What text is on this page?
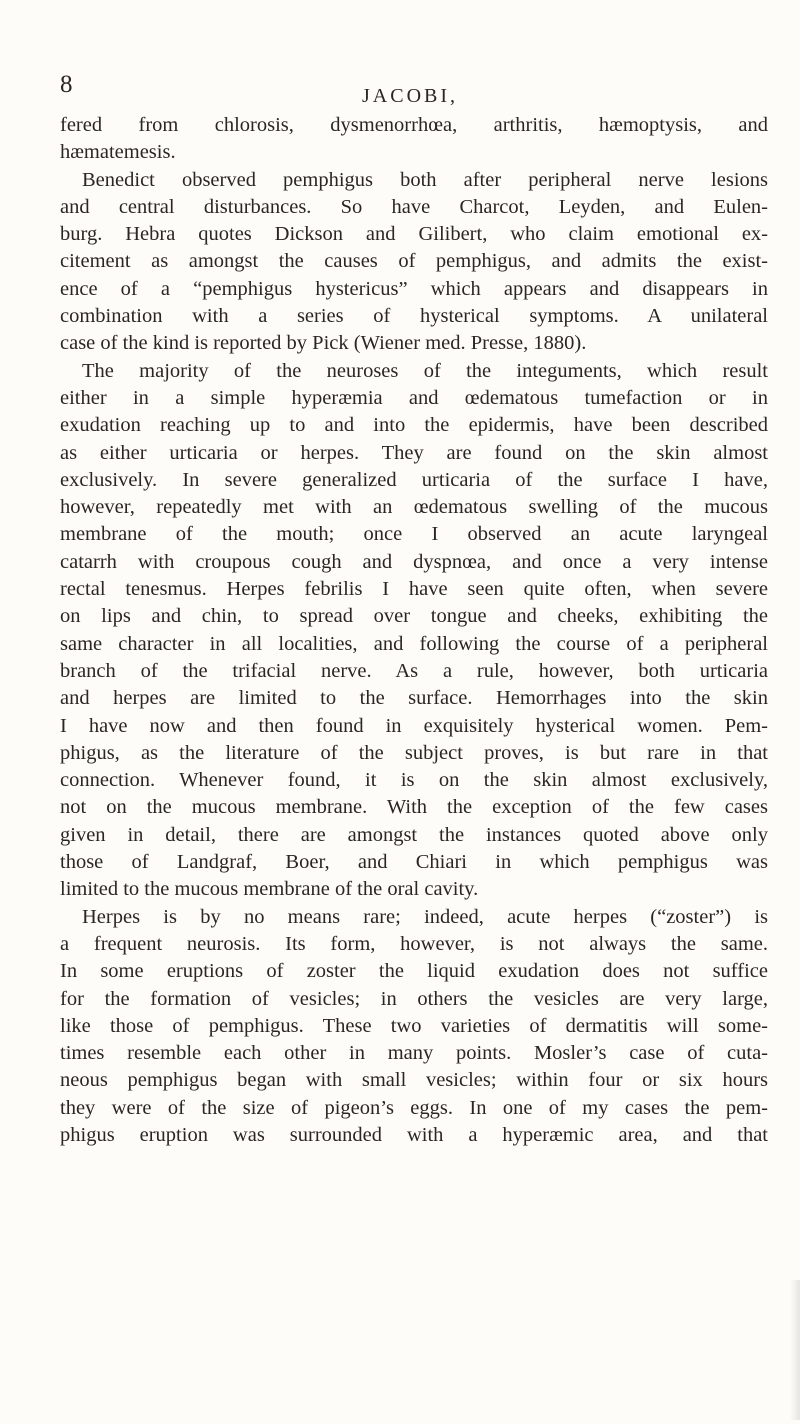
8	JACOBI,
fered from chlorosis, dysmenorrhœa, arthritis, hæmoptysis, and
hæmatemesis.
Benedict observed pemphigus both after peripheral nerve lesions
and central disturbances. So have Charcot, Leyden, and Eulen-
burg. Hebra quotes Dickson and Gilibert, who claim emotional ex-
citement as amongst the causes of pemphigus, and admits the exist-
ence of a “pemphigus hystericus” which appears and disappears in
combination with a series of hysterical symptoms. A unilateral
case of the kind is reported by Pick (Wiener med. Presse, 1880).
The majority of the neuroses of the integuments, which result
either in a simple hyperæmia and œdematous tumefaction or in
exudation reaching up to and into the epidermis, have been described
as either urticaria or herpes. They are found on the skin almost
exclusively. In severe generalized urticaria of the surface I have,
however, repeatedly met with an œdematous swelling of the mucous
membrane of the mouth; once I observed an acute laryngeal
catarrh with croupous cough and dyspnœa, and once a very intense
rectal tenesmus. Herpes febrilis I have seen quite often, when severe
on lips and chin, to spread over tongue and cheeks, exhibiting the
same character in all localities, and following the course of a peripheral
branch of the trifacial nerve. As a rule, however, both urticaria
and herpes are limited to the surface. Hemorrhages into the skin
I have now and then found in exquisitely hysterical women. Pem-
phigus, as the literature of the subject proves, is but rare in that
connection. Whenever found, it is on the skin almost exclusively,
not on the mucous membrane. With the exception of the few cases
given in detail, there are amongst the instances quoted above only
those of Landgraf, Boer, and Chiari in which pemphigus was
limited to the mucous membrane of the oral cavity.
Herpes is by no means rare; indeed, acute herpes (“zoster”) is
a frequent neurosis. Its form, however, is not always the same.
In some eruptions of zoster the liquid exudation does not suffice
for the formation of vesicles; in others the vesicles are very large,
like those of pemphigus. These two varieties of dermatitis will some-
times resemble each other in many points. Mosler’s case of cuta-
neous pemphigus began with small vesicles; within four or six hours
they were of the size of pigeon’s eggs. In one of my cases the pem-
phigus eruption was surrounded with a hyperæmic area, and that
